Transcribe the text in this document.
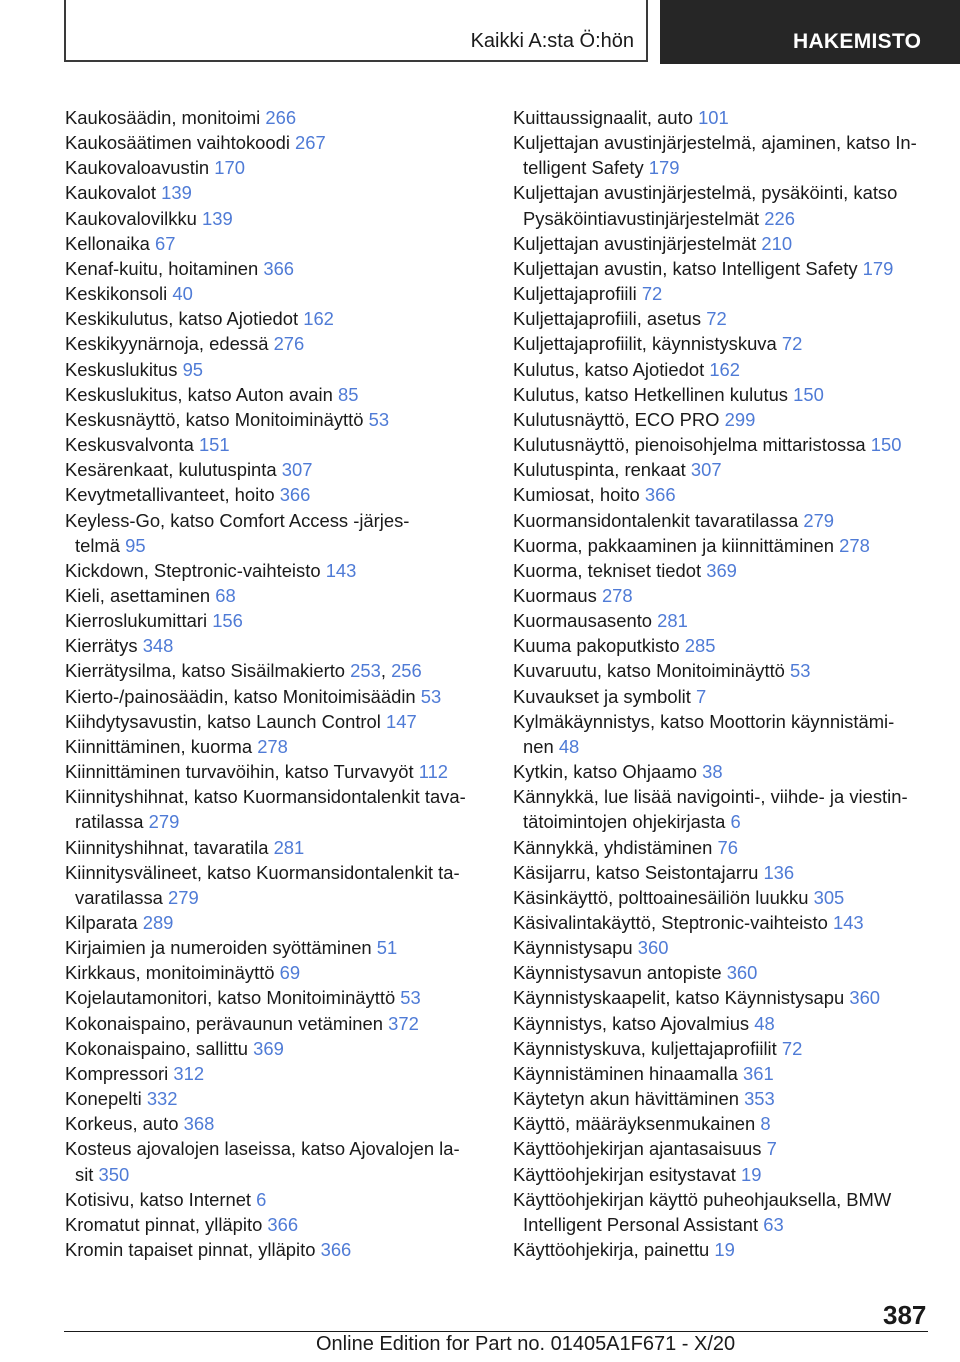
Kaikki A:sta Ö:hön	HAKEMISTO
Kaukosäädin, monitoimi 266
Kaukosäätimen vaihtokoodi 267
Kaukovaloavustin 170
Kaukovalot 139
Kaukovalovilkku 139
Kellonaika 67
Kenaf-kuitu, hoitaminen 366
Keskikonsoli 40
Keskikulutus, katso Ajotiedot 162
Keskikyynärnoja, edessä 276
Keskuslukitus 95
Keskuslukitus, katso Auton avain 85
Keskusnäyttö, katso Monitoiminäyttö 53
Keskusvalvonta 151
Kesärenkaat, kulutuspinta 307
Kevytmetallivanteet, hoito 366
Keyless-Go, katso Comfort Access -järjes-
telmä 95
Kickdown, Steptronic-vaihteisto 143
Kieli, asettaminen 68
Kierroslukumittari 156
Kierrätys 348
Kierrätysilma, katso Sisäilmakierto 253, 256
Kierto-/painosäädin, katso Monitoimisäädin 53
Kiihdytysavustin, katso Launch Control 147
Kiinnittäminen, kuorma 278
Kiinnittäminen turvavöihin, katso Turvavyöt 112
Kiinnityshihnat, katso Kuormansidontalenkit tava-
ratilassa 279
Kiinnityshihnat, tavaratila 281
Kiinnitysvälineet, katso Kuormansidontalenkit ta-
varatilassa 279
Kilparata 289
Kirjaimien ja numeroiden syöttäminen 51
Kirkkaus, monitoiminäyttö 69
Kojelautamonitori, katso Monitoiminäyttö 53
Kokonaispaino, perävaunun vetäminen 372
Kokonaispaino, sallittu 369
Kompressori 312
Konepelti 332
Korkeus, auto 368
Kosteus ajovalojen laseissa, katso Ajovalojen la-
sit 350
Kotisivu, katso Internet 6
Kromatut pinnat, ylläpito 366
Kromin tapaiset pinnat, ylläpito 366
Kuittaussignaalit, auto 101
Kuljettajan avustinjärjestelmä, ajaminen, katso In-
telligent Safety 179
Kuljettajan avustinjärjestelmä, pysäköinti, katso
Pysäköintiavustinjärjestelmät 226
Kuljettajan avustinjärjestelmät 210
Kuljettajan avustin, katso Intelligent Safety 179
Kuljettajaprofiili 72
Kuljettajaprofiili, asetus 72
Kuljettajaprofiilit, käynnistyskuva 72
Kulutus, katso Ajotiedot 162
Kulutus, katso Hetkellinen kulutus 150
Kulutusnäyttö, ECO PRO 299
Kulutusnäyttö, pienoisohjelma mittaristossa 150
Kulutuspinta, renkaat 307
Kumiosat, hoito 366
Kuormansidontalenkit tavaratilassa 279
Kuorma, pakkaaminen ja kiinnittäminen 278
Kuorma, tekniset tiedot 369
Kuormaus 278
Kuormausasento 281
Kuuma pakoputkisto 285
Kuvaruutu, katso Monitoiminäyttö 53
Kuvaukset ja symbolit 7
Kylmäkäynnistys, katso Moottorin käynnistämi-
nen 48
Kytkin, katso Ohjaamo 38
Kännykkä, lue lisää navigointi-, viihde- ja viestin-
tätoimintojen ohjekirjasta 6
Kännykkä, yhdistäminen 76
Käsijarru, katso Seistontajarru 136
Käsinkäyttö, polttoainesäiliön luukku 305
Käsivalintakäyttö, Steptronic-vaihteisto 143
Käynnistysapu 360
Käynnistysavun antopiste 360
Käynnistyskaapelit, katso Käynnistysapu 360
Käynnistys, katso Ajovalmius 48
Käynnistyskuva, kuljettajaprofiilit 72
Käynnistäminen hinaamalla 361
Käytetyn akun hävittäminen 353
Käyttö, määräyksenmukainen 8
Käyttöohjekirjan ajantasaisuus 7
Käyttöohjekirjan esitystavat 19
Käyttöohjekirjan käyttö puheohjauksella, BMW
Intelligent Personal Assistant 63
Käyttöohjekirja, painettu 19
387
Online Edition for Part no. 01405A1F671 - X/20
